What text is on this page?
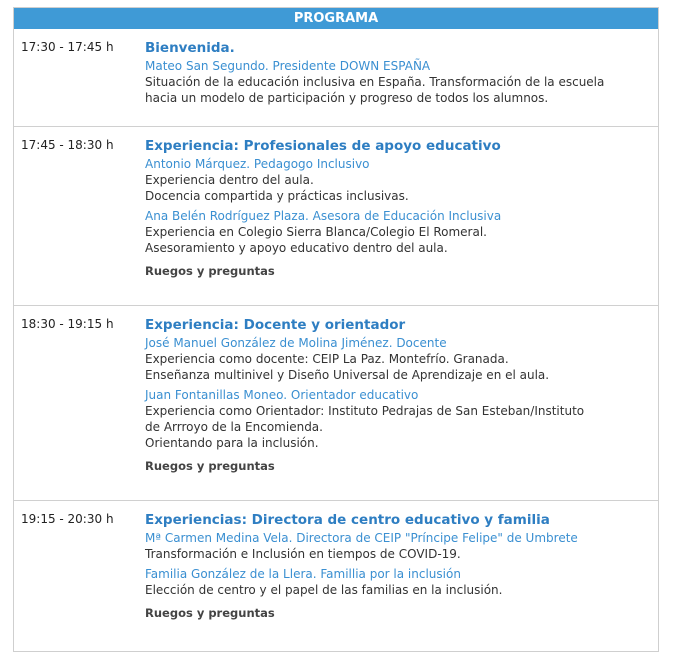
PROGRAMA
17:30 - 17:45 h Bienvenida.
Mateo San Segundo. Presidente DOWN ESPAÑA
Situación de la educación inclusiva en España. Transformación de la escuela
hacia un modelo de participación y progreso de todos los alumnos.
17:45 - 18:30 h Experiencia: Profesionales de apoyo educativo
Antonio Márquez. Pedagogo Inclusivo
Experiencia dentro del aula.
Docencia compartida y prácticas inclusivas.
Ana Belén Rodríguez Plaza. Asesora de Educación Inclusiva
Experiencia en Colegio Sierra Blanca/Colegio El Romeral.
Asesoramiento y apoyo educativo dentro del aula.
Ruegos y preguntas
18:30 - 19:15 h Experiencia: Docente y orientador
José Manuel González de Molina Jiménez. Docente
Experiencia como docente: CEIP La Paz. Montefrío. Granada.
Enseñanza multinivel y Diseño Universal de Aprendizaje en el aula.
Juan Fontanillas Moneo. Orientador educativo
Experiencia como Orientador: Instituto Pedrajas de San Esteban/Instituto
de Arrroyo de la Encomienda.
Orientando para la inclusión.
Ruegos y preguntas
19:15 - 20:30 h Experiencias: Directora de centro educativo y familia
Mª Carmen Medina Vela. Directora de CEIP "Príncipe Felipe" de Umbrete
Transformación e Inclusión en tiempos de COVID-19.
Familia González de la Llera. Famillia por la inclusión
Elección de centro y el papel de las familias en la inclusión.
Ruegos y preguntas
